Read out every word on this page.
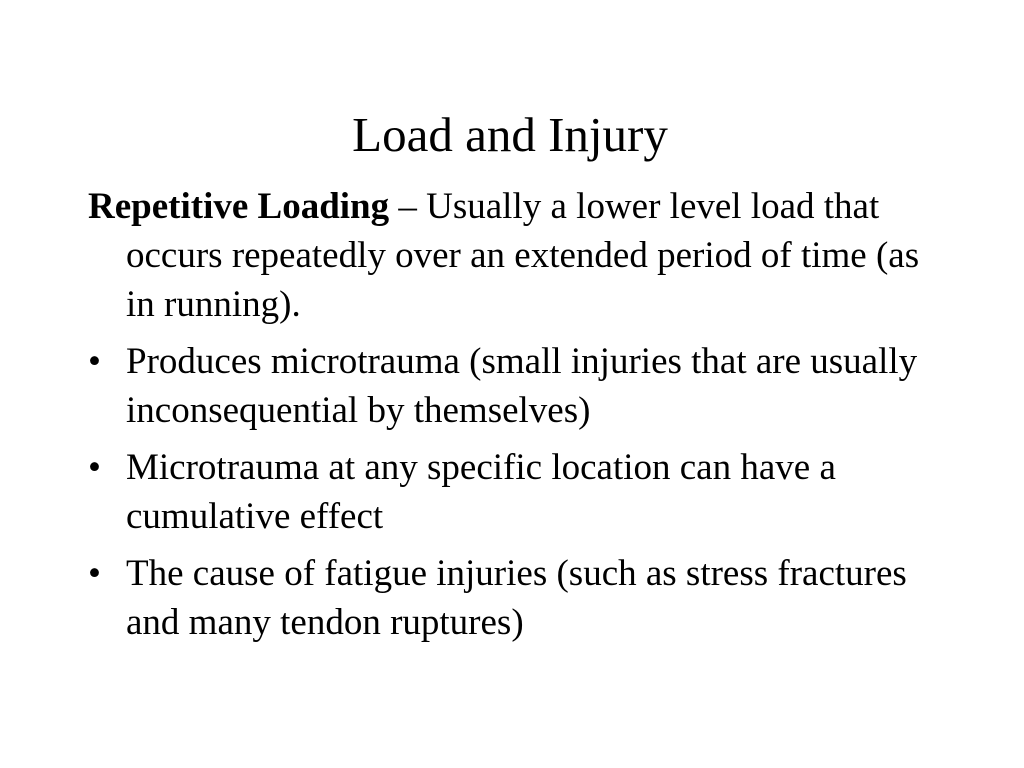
Load and Injury
Repetitive Loading – Usually a lower level load that occurs repeatedly over an extended period of time (as in running).
• Produces microtrauma (small injuries that are usually inconsequential by themselves)
• Microtrauma at any specific location can have a cumulative effect
• The cause of fatigue injuries (such as stress fractures and many tendon ruptures)
